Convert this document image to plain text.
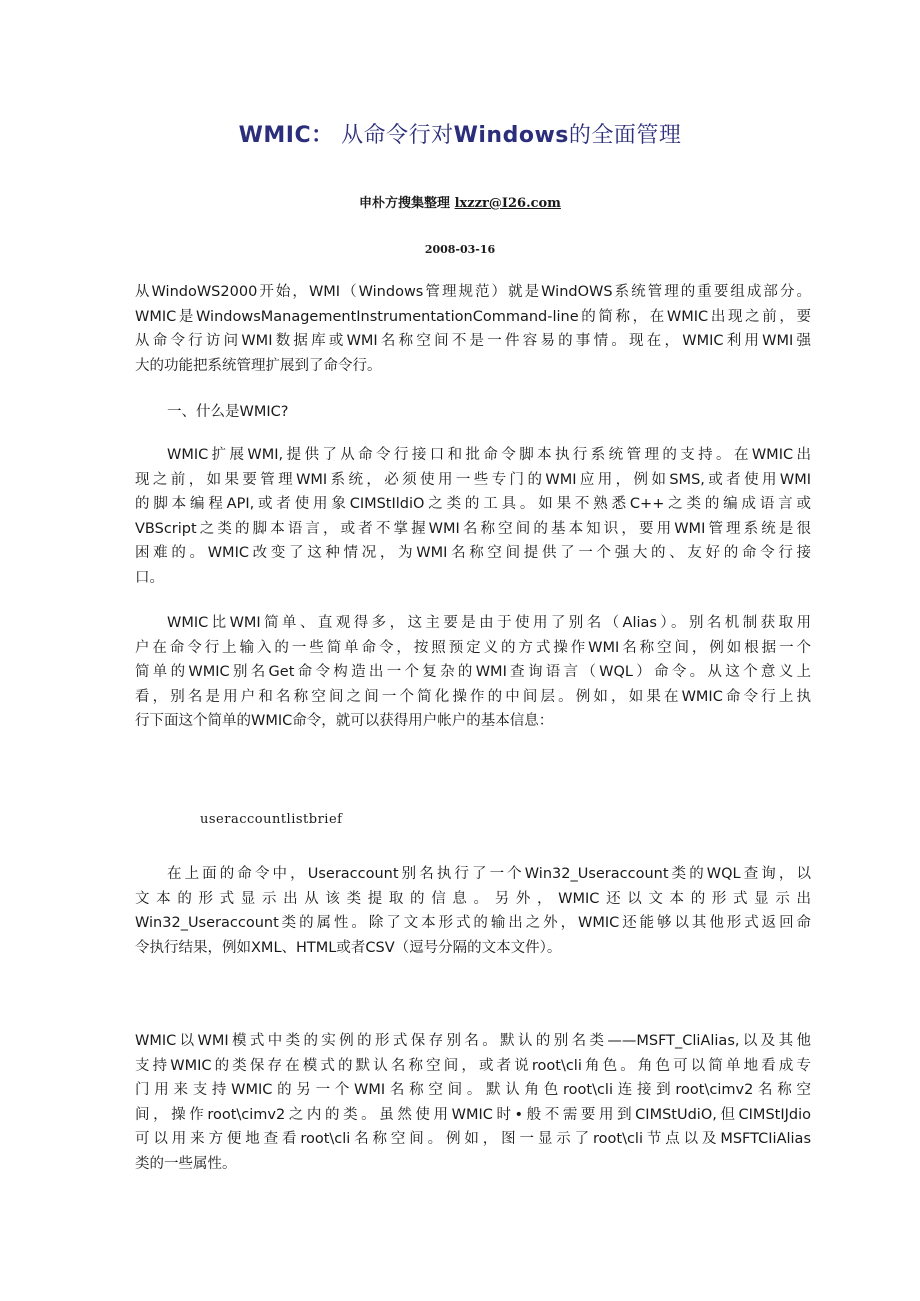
WMIC： 从命令行对Windows的全面管理
申朴方搜集整理 lxzzr@I26.com
2008-03-16
从WindoWS2000开始，WMI（Windows管理规范）就是WindOWS系统管理的重要组成部分。
WMIC是WindowsManagementInstrumentationCommand-line的简称，在WMIC出现之前，要
从命令行访问WMI数据库或WMI名称空间不是一件容易的事情。现在，WMIC利用WMI强
大的功能把系统管理扩展到了命令行。
一、什么是WMIC?
WMIC扩展WMI,提供了从命令行接口和批命令脚本执行系统管理的支持。在WMIC出
现之前，如果要管理WMI系统，必须使用一些专门的WMI应用，例如SMS,或者使用WMI
的脚本编程API,或者使用象CIMStIldiO之类的工具。如果不熟悉C++之类的编成语言或
VBScript之类的脚本语言，或者不掌握WMI名称空间的基本知识，要用WMI管理系统是很
困难的。WMIC改变了这种情况，为WMI名称空间提供了一个强大的、友好的命令行接
口。
WMIC比WMI简单、直观得多，这主要是由于使用了别名（Alias）。别名机制获取用
户在命令行上输入的一些简单命令，按照预定义的方式操作WMI名称空间，例如根据一个
简单的WMIC别名Get命令构造出一个复杂的WMI查询语言（WQL）命令。从这个意义上
看，别名是用户和名称空间之间一个简化操作的中间层。例如，如果在WMIC命令行上执
行下面这个简单的WMIC命令，就可以获得用户帐户的基本信息：
useraccountlistbrief
在上面的命令中，Useraccount别名执行了一个Win32_Useraccount类的WQL查询，以
文本的形式显示出从该类提取的信息。另外，WMIC还以文本的形式显示出
Win32_Useraccount类的属性。除了文本形式的输出之外，WMIC还能够以其他形式返回命
令执行结果，例如XML、HTML或者CSV（逗号分隔的文本文件）。
WMIC以WMI模式中类的实例的形式保存别名。默认的别名类——MSFT_CliAlias,以及其他
支持WMIC的类保存在模式的默认名称空间，或者说root\cli角色。角色可以简单地看成专
门用来支持WMIC的另一个WMI名称空间。默认角色root\cli连接到root\cimv2名称空
间，操作root\cimv2之内的类。虽然使用WMIC时•般不需要用到CIMStUdiO,但CIMStIJdio
可以用来方便地查看root\cli名称空间。例如，图一显示了root\cli节点以及MSFTCIiAlias
类的一些属性。
